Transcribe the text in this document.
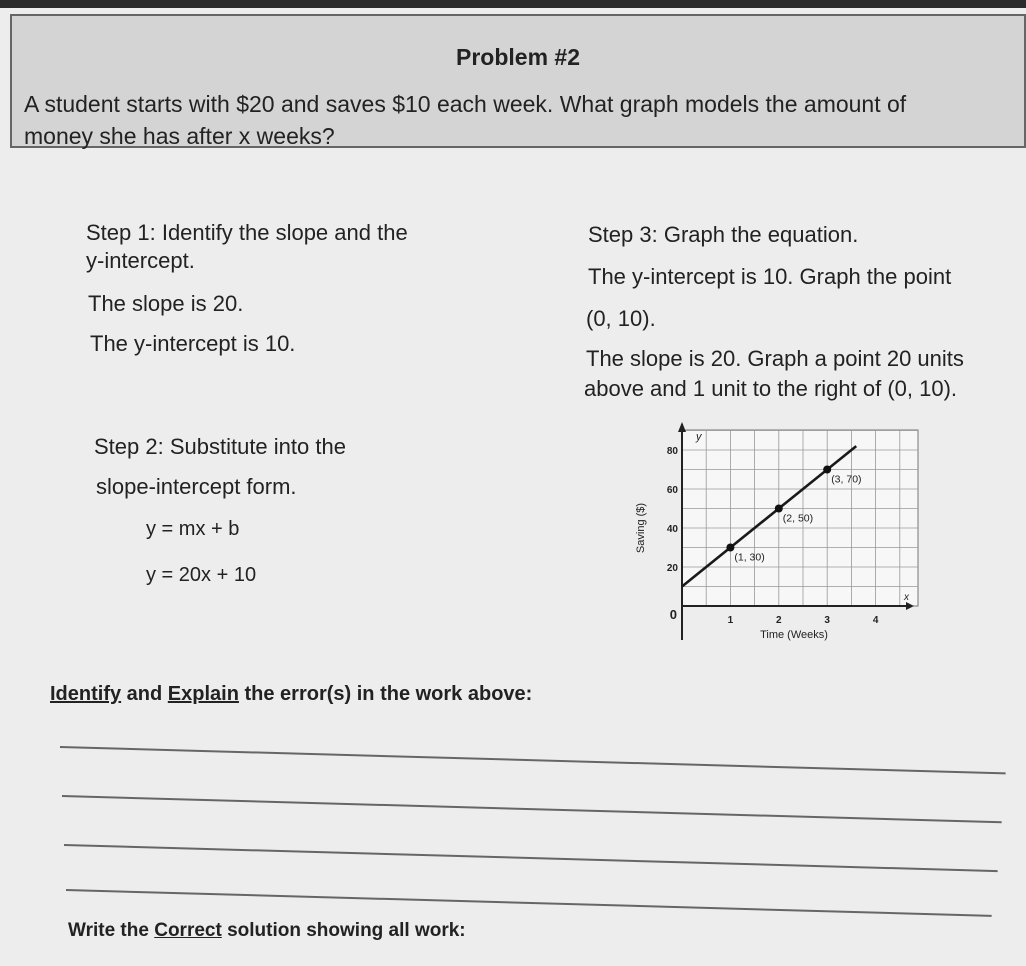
Problem #2
A student starts with $20 and saves $10 each week. What graph models the amount of
money she has after x weeks?
Step 1: Identify the slope and the
y-intercept.
The slope is 20.
The y-intercept is 10.
Step 2: Substitute into the
slope-intercept form.
y = mx + b
y = 20x + 10
Step 3: Graph the equation.
The y-intercept is 10. Graph the point
(0, 10).
The slope is 20. Graph a point 20 units
above and 1 unit to the right of (0, 10).
1	2	3	4
20
40
60
80
0
y
x
(1, 30)
(2, 50)
(3, 70)
Time (Weeks)
Saving ($)
Identify and Explain the error(s) in the work above:
Write the Correct solution showing all work:
